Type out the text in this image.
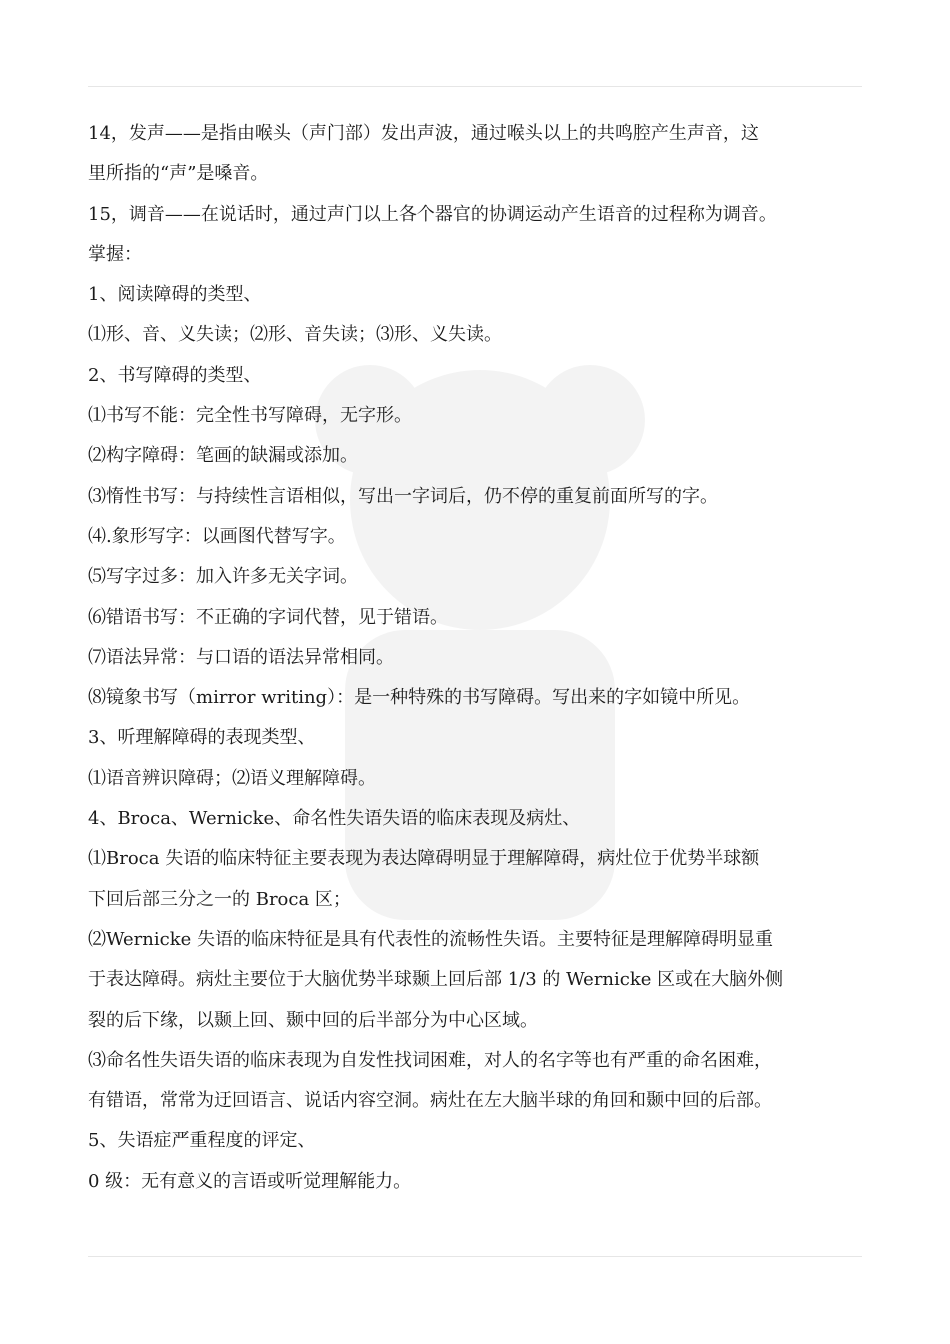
14，发声——是指由喉头（声门部）发出声波，通过喉头以上的共鸣腔产生声音，这
里所指的“声”是嗓音。
15，调音——在说话时，通过声门以上各个器官的协调运动产生语音的过程称为调音。
掌握：
1、阅读障碍的类型、
⑴形、音、义失读；⑵形、音失读；⑶形、义失读。
2、书写障碍的类型、
⑴书写不能：完全性书写障碍，无字形。
⑵构字障碍：笔画的缺漏或添加。
⑶惰性书写：与持续性言语相似，写出一字词后，仍不停的重复前面所写的字。
⑷.象形写字：以画图代替写字。
⑸写字过多：加入许多无关字词。
⑹错语书写：不正确的字词代替，见于错语。
⑺语法异常：与口语的语法异常相同。
⑻镜象书写（mirror writing）：是一种特殊的书写障碍。写出来的字如镜中所见。
3、听理解障碍的表现类型、
⑴语音辨识障碍；⑵语义理解障碍。
4、Broca、Wernicke、命名性失语失语的临床表现及病灶、
⑴Broca 失语的临床特征主要表现为表达障碍明显于理解障碍，病灶位于优势半球额
下回后部三分之一的 Broca 区；
⑵Wernicke 失语的临床特征是具有代表性的流畅性失语。主要特征是理解障碍明显重
于表达障碍。病灶主要位于大脑优势半球颞上回后部 1/3 的 Wernicke 区或在大脑外侧
裂的后下缘，以颞上回、颞中回的后半部分为中心区域。
⑶命名性失语失语的临床表现为自发性找词困难，对人的名字等也有严重的命名困难，
有错语，常常为迂回语言、说话内容空洞。病灶在左大脑半球的角回和颞中回的后部。
5、失语症严重程度的评定、
0 级：无有意义的言语或听觉理解能力。
